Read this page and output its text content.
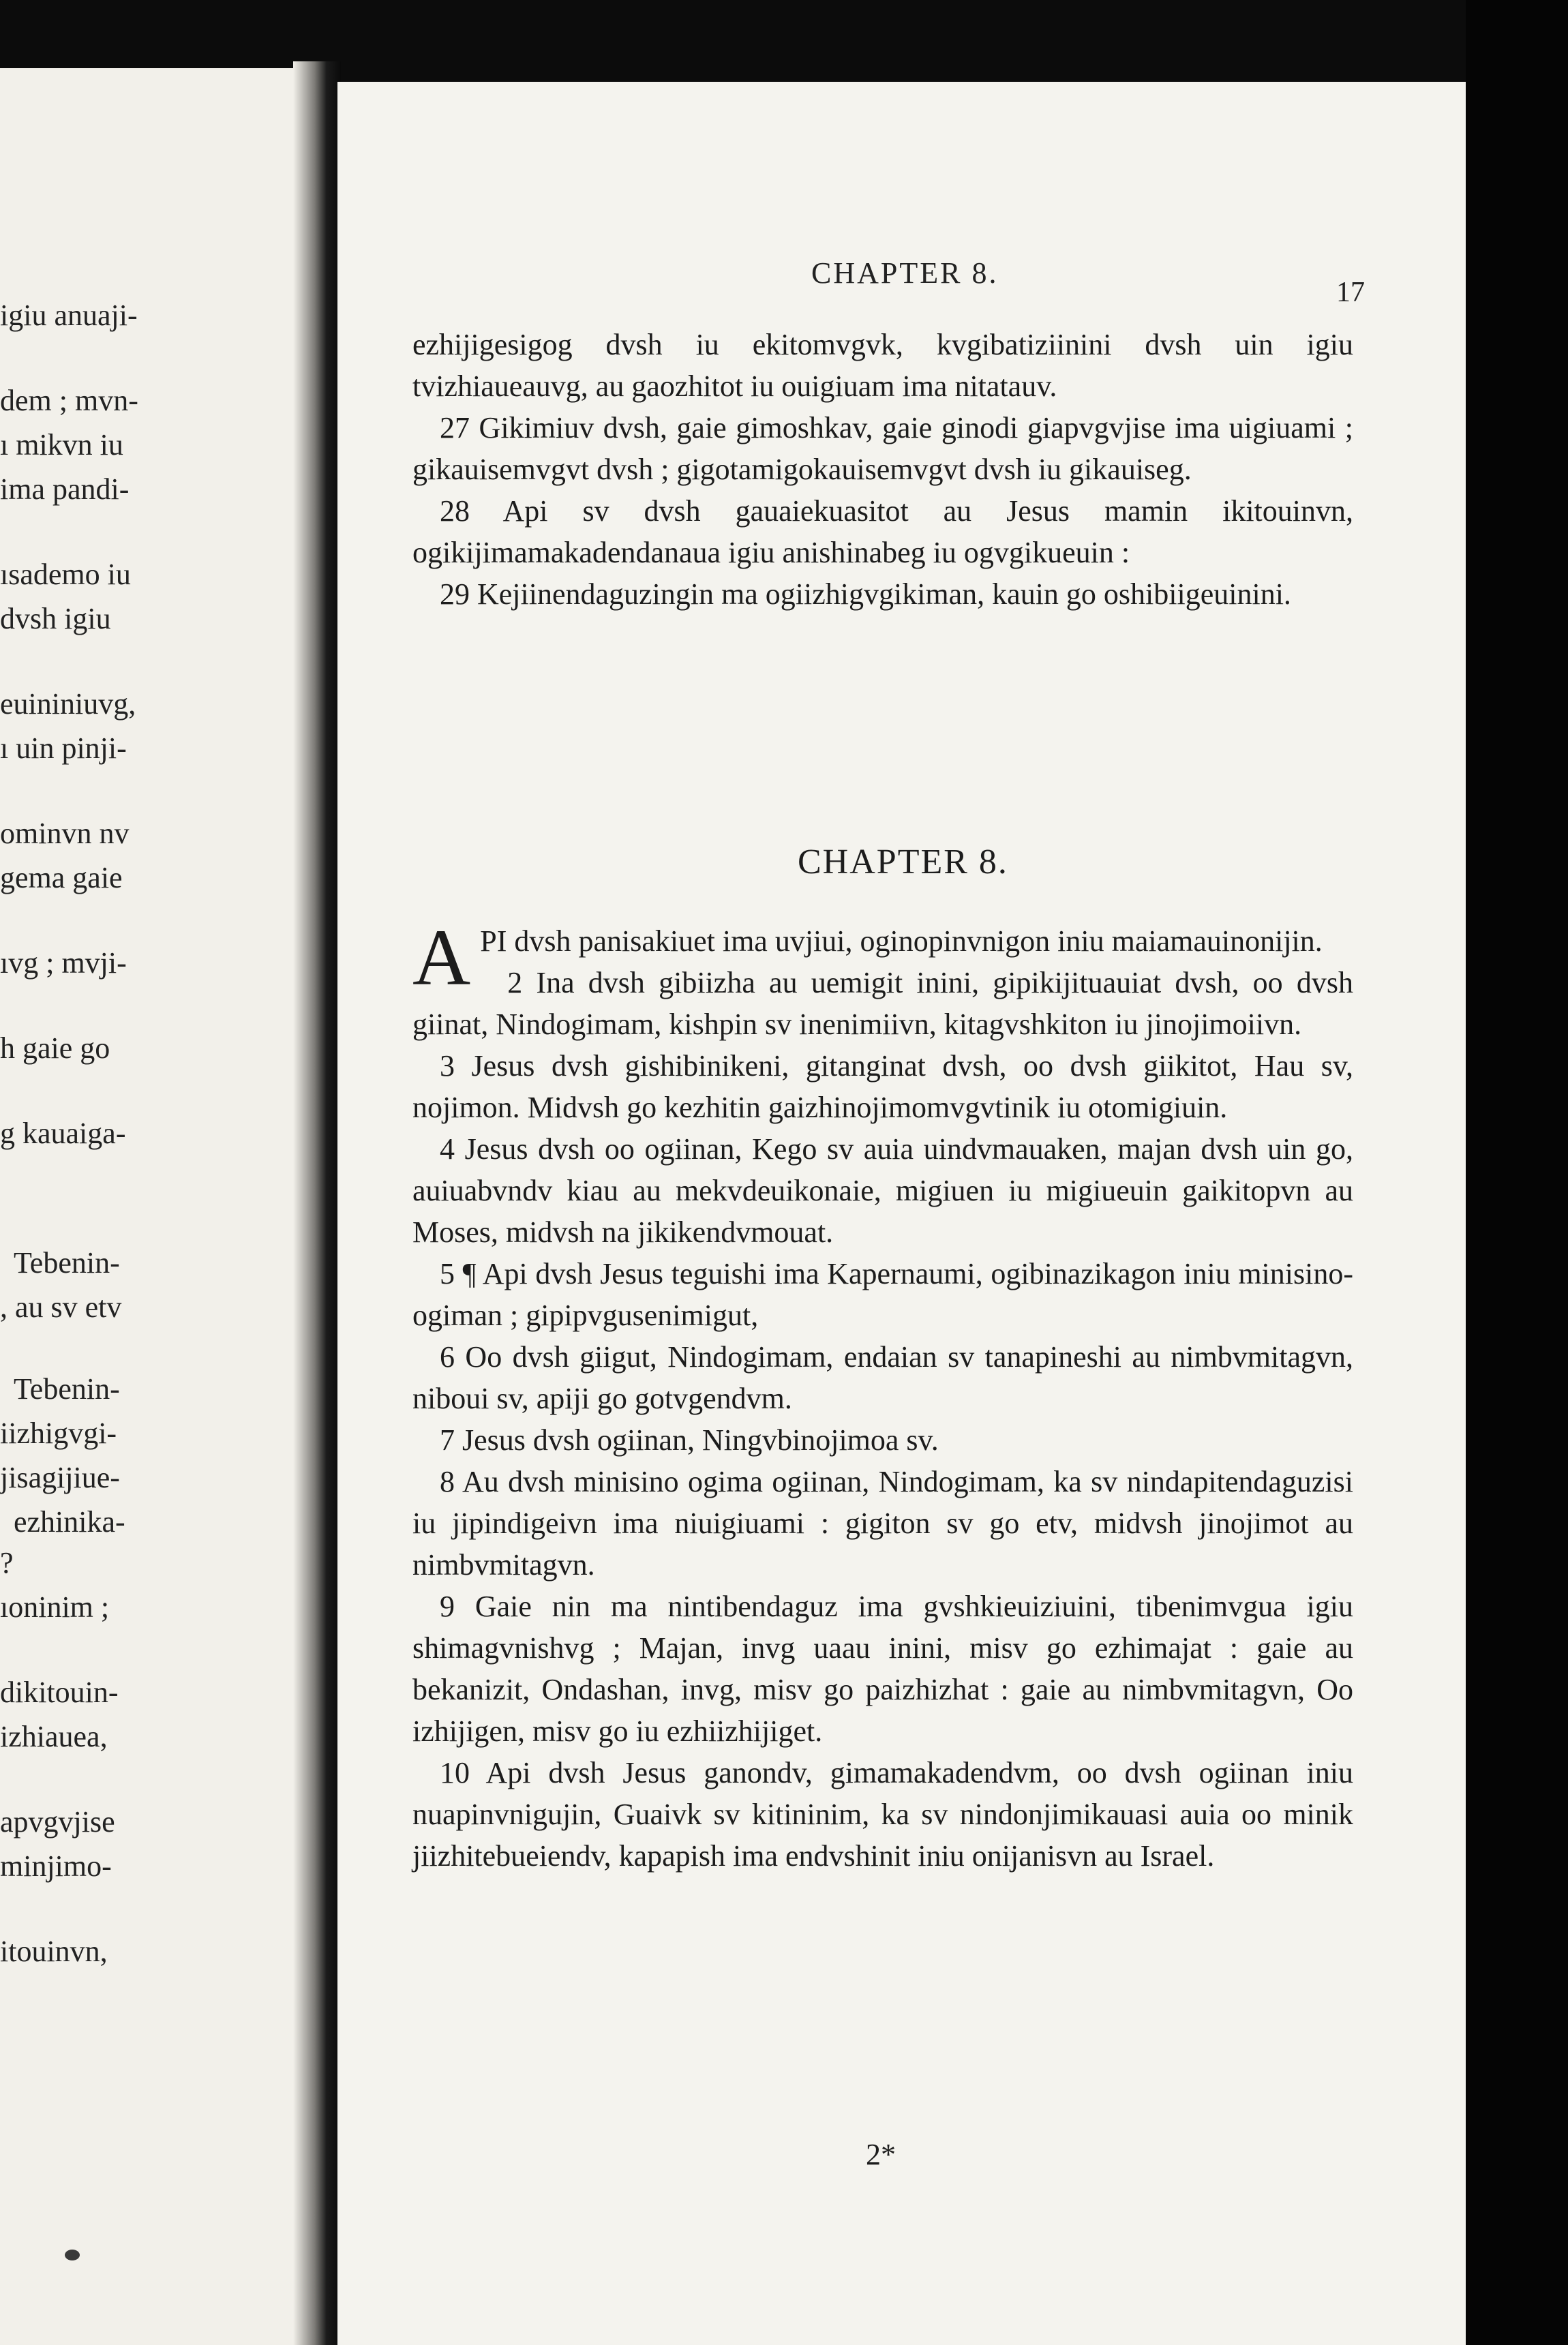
igiu anuaji-
dem ; mvn-
ı mikvn iu
ima pandi-
ısademo iu
dvsh igiu
euininiuvg,
ı uin pinji-
ominvn nv
gema gaie
ıvg ; mvji-
h gaie go
g kauaiga-
Tebenin-
, au sv etv
Tebenin-
iizhigvgi-
jisagijiue-
ezhinika-
?
ıoninim ;
dikitouin-
izhiauea,
apvgvjise
minjimo-
itouinvn,
CHAPTER 8.
17

ezhijigesigog dvsh iu ekitomvgvk, kvgibatiziinini dvsh uin igiu tvizhiaueauvg, au gaozhitot iu ouigiuam ima nitatauv.

27 Gikimiuv dvsh, gaie gimoshkav, gaie ginodi giapvgvjise ima uigiuami ; gikauisemvgvt dvsh ; gigotamigokauisemvgvt dvsh iu gikauiseg.

28 Api sv dvsh gauaiekuasitot au Jesus mamin ikitouinvn, ogikijimamakadendanaua igiu anishinabeg iu ogvgikueuin :

29 Kejiinendaguzingin ma ogiizhigvgikiman, kauin go oshibiigeuinini.

CHAPTER 8.

A PI dvsh panisakiuet ima uvjiui, oginopinvnigon iniu maiamauinonijin.

2 Ina dvsh gibiizha au uemigit inini, gipikijituauiat dvsh, oo dvsh giinat, Nindogimam, kishpin sv inenimiivn, kitagvshkiton iu jinojimoiivn.

3 Jesus dvsh gishibinikeni, gitanginat dvsh, oo dvsh giikitot, Hau sv, nojimon. Midvsh go kezhitin gaizhinojimomvgvtinik iu otomigiuin.

4 Jesus dvsh oo ogiinan, Kego sv auia uindvmauaken, majan dvsh uin go, auiuabvndv kiau au mekvdeuikonaie, migiuen iu migiueuin gaikitopvn au Moses, midvsh na jikikendvmouat.

5 ¶ Api dvsh Jesus teguishi ima Kapernaumi, ogibinazikagon iniu minisino-ogiman ; gipipvgusenimigut,

6 Oo dvsh giigut, Nindogimam, endaian sv tanapineshi au nimbvmitagvn, niboui sv, apiji go gotvgendvm.

7 Jesus dvsh ogiinan, Ningvbinojimoa sv.

8 Au dvsh minisino ogima ogiinan, Nindogimam, ka sv nindapitendaguzisi iu jipindigeivn ima niuigiuami : gigiton sv go etv, midvsh jinojimot au nimbvmitagvn.

9 Gaie nin ma nintibendaguz ima gvshkieuiziuini, tibenimvgua igiu shimagvnishvg ; Majan, invg uaau inini, misv go ezhimajat : gaie au bekanizit, Ondashan, invg, misv go paizhizhat : gaie au nimbvmitagvn, Oo izhijigen, misv go iu ezhiizhijiget.

10 Api dvsh Jesus ganondv, gimamakadendvm, oo dvsh ogiinan iniu nuapinvnigujin, Guaivk sv kitininim, ka sv nindonjimikauasi auia oo minik jiizhitebueiendv, kapapish ima endvshinit iniu onijanisvn au Israel.

2*
